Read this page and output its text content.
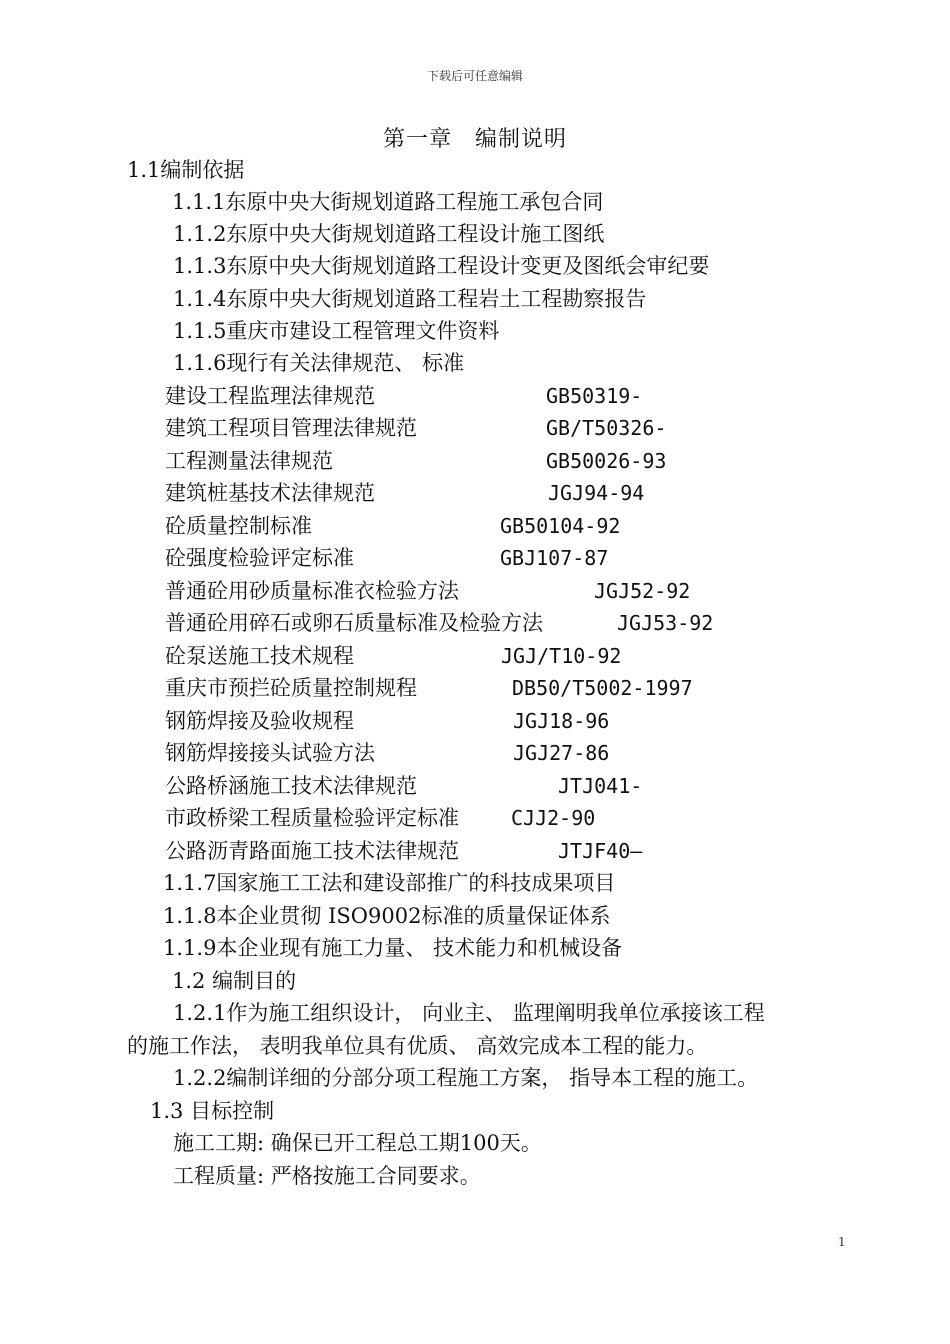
下载后可任意编辑
第一章　编制说明
1.1编制依据
1.1.1东原中央大街规划道路工程施工承包合同
1.1.2东原中央大街规划道路工程设计施工图纸
1.1.3东原中央大街规划道路工程设计变更及图纸会审纪要
1.1.4东原中央大街规划道路工程岩土工程勘察报告
1.1.5重庆市建设工程管理文件资料
1.1.6现行有关法律规范、 标准
建设工程监理法律规范	GB50319-
建筑工程项目管理法律规范	GB/T50326-
工程测量法律规范	GB50026-93
建筑桩基技术法律规范	JGJ94-94
砼质量控制标准	GB50104-92
砼强度检验评定标准	GBJ107-87
普通砼用砂质量标准衣检验方法	JGJ52-92
普通砼用碎石或卵石质量标准及检验方法	JGJ53-92
砼泵送施工技术规程	JGJ/T10-92
重庆市预拦砼质量控制规程	DB50/T5002-1997
钢筋焊接及验收规程	JGJ18-96
钢筋焊接接头试验方法	JGJ27-86
公路桥涵施工技术法律规范	JTJ041-
市政桥梁工程质量检验评定标准	CJJ2-90
公路沥青路面施工技术法律规范	JTJF40—
1.1.7国家施工工法和建设部推广的科技成果项目
1.1.8本企业贯彻 ISO9002标准的质量保证体系
1.1.9本企业现有施工力量、 技术能力和机械设备
1.2 编制目的
1.2.1作为施工组织设计， 向业主、 监理阐明我单位承接该工程
的施工作法， 表明我单位具有优质、 高效完成本工程的能力。
1.2.2编制详细的分部分项工程施工方案， 指导本工程的施工。
1.3 目标控制
施工工期: 确保已开工程总工期100天。
工程质量: 严格按施工合同要求。
1
